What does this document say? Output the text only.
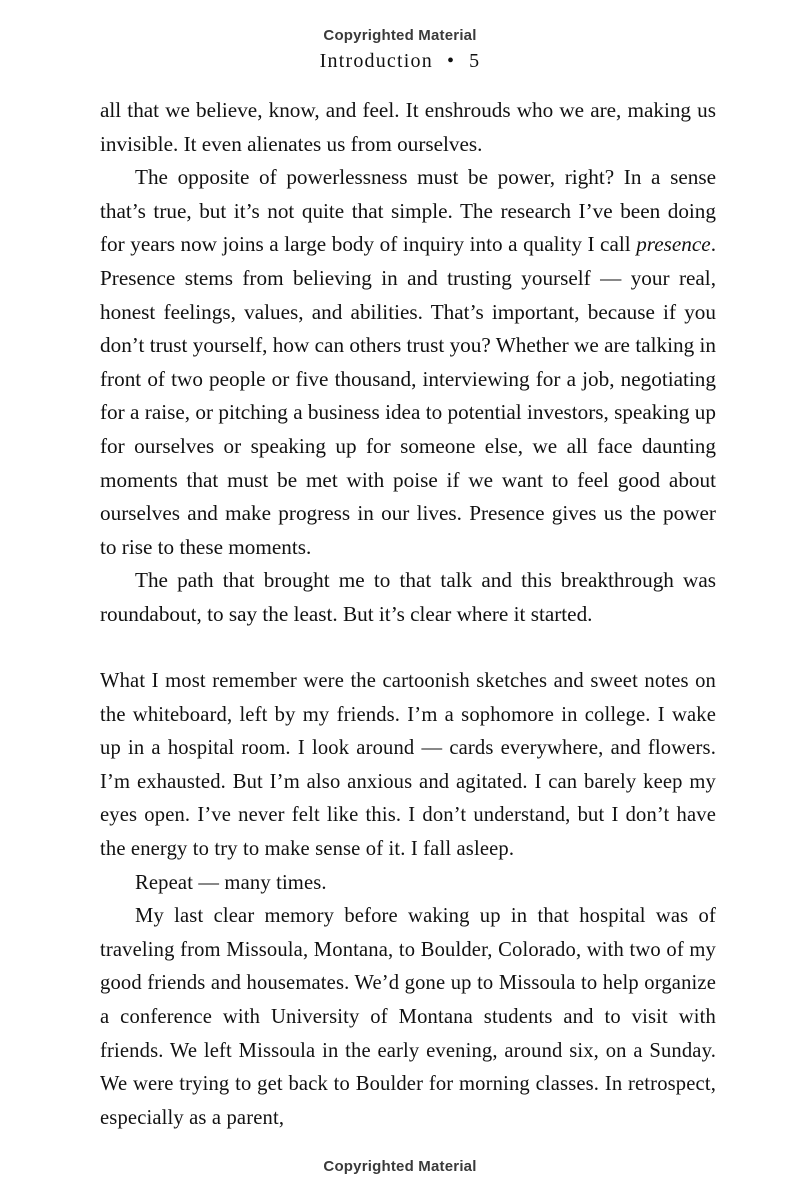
Copyrighted Material
Introduction • 5

all that we believe, know, and feel. It enshrouds who we are, making us invisible. It even alienates us from ourselves.

The opposite of powerlessness must be power, right? In a sense that’s true, but it’s not quite that simple. The research I’ve been doing for years now joins a large body of inquiry into a quality I call presence. Presence stems from believing in and trusting yourself — your real, honest feelings, values, and abilities. That’s important, because if you don’t trust yourself, how can others trust you? Whether we are talking in front of two people or five thousand, interviewing for a job, negotiating for a raise, or pitching a business idea to potential investors, speaking up for ourselves or speaking up for someone else, we all face daunting moments that must be met with poise if we want to feel good about ourselves and make progress in our lives. Presence gives us the power to rise to these moments.

The path that brought me to that talk and this breakthrough was roundabout, to say the least. But it’s clear where it started.

What I most remember were the cartoonish sketches and sweet notes on the whiteboard, left by my friends. I’m a sophomore in college. I wake up in a hospital room. I look around — cards everywhere, and flowers. I’m exhausted. But I’m also anxious and agitated. I can barely keep my eyes open. I’ve never felt like this. I don’t understand, but I don’t have the energy to try to make sense of it. I fall asleep.

Repeat — many times.

My last clear memory before waking up in that hospital was of traveling from Missoula, Montana, to Boulder, Colorado, with two of my good friends and housemates. We’d gone up to Missoula to help organize a conference with University of Montana students and to visit with friends. We left Missoula in the early evening, around six, on a Sunday. We were trying to get back to Boulder for morning classes. In retrospect, especially as a parent,

Copyrighted Material
